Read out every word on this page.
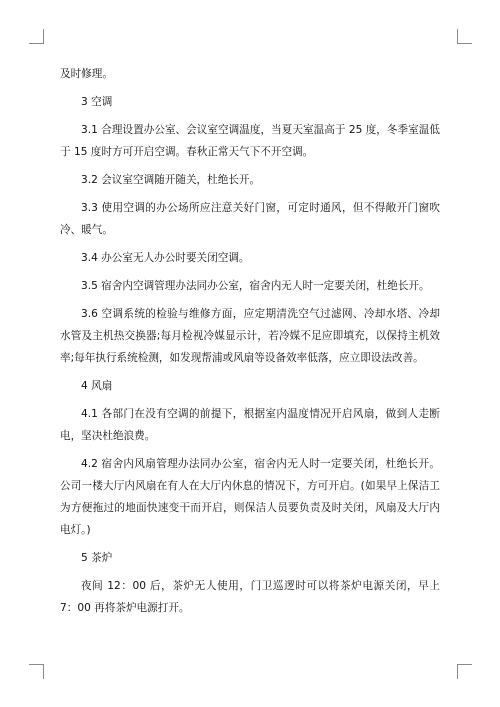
及时修理。

3 空调

3.1 合理设置办公室、会议室空调温度，当夏天室温高于 25 度，冬季室温低于 15 度时方可开启空调。春秋正常天气下不开空调。

3.2 会议室空调随开随关，杜绝长开。

3.3 使用空调的办公场所应注意关好门窗，可定时通风，但不得敞开门窗吹冷、暖气。

3.4 办公室无人办公时要关闭空调。

3.5 宿舍内空调管理办法同办公室，宿舍内无人时一定要关闭，杜绝长开。

3.6 空调系统的检验与维修方面，应定期清洗空气过滤网、冷却水塔、冷却水管及主机热交换器;每月检视冷媒显示计，若冷媒不足应即填充，以保持主机效率;每年执行系统检测，如发现帮浦或风扇等设备效率低落，应立即设法改善。

4 风扇

4.1 各部门在没有空调的前提下，根据室内温度情况开启风扇，做到人走断电，坚决杜绝浪费。

4.2 宿舍内风扇管理办法同办公室，宿舍内无人时一定要关闭，杜绝长开。 公司一楼大厅内风扇在有人在大厅内休息的情况下，方可开启。(如果早上保洁工为方便拖过的地面快速变干而开启，则保洁人员要负责及时关闭，风扇及大厅内电灯。)

5 茶炉

夜间 12：00 后，茶炉无人使用，门卫巡逻时可以将茶炉电源关闭，早上 7：00 再将茶炉电源打开。
